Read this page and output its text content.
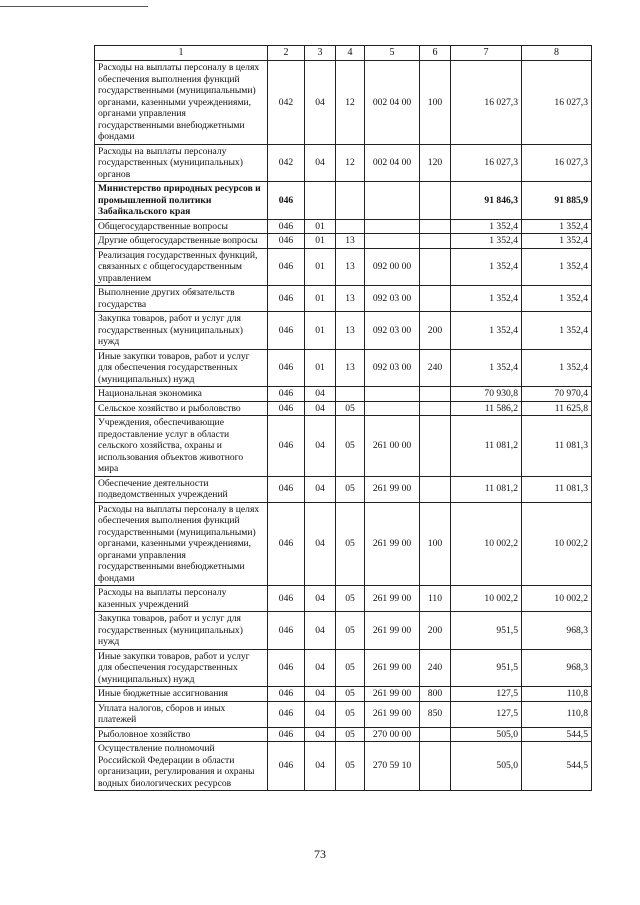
1	2	3	4	5	6	7	8
Расходы на выплаты персоналу в целях обеспечения выполнения функций государственными (муниципальными) органами, казенными учреждениями, органами управления государственными внебюджетными фондами	042	04	12	002 04 00	100	16 027,3	16 027,3
Расходы на выплаты персоналу государственных (муниципальных) органов	042	04	12	002 04 00	120	16 027,3	16 027,3
Министерство природных ресурсов и промышленной политики Забайкальского края	046					91 846,3	91 885,9
Общегосударственные вопросы	046	01				1 352,4	1 352,4
Другие общегосударственные вопросы	046	01	13			1 352,4	1 352,4
Реализация государственных функций, связанных с общегосударственным управлением	046	01	13	092 00 00		1 352,4	1 352,4
Выполнение других обязательств государства	046	01	13	092 03 00		1 352,4	1 352,4
Закупка товаров, работ и услуг для государственных (муниципальных) нужд	046	01	13	092 03 00	200	1 352,4	1 352,4
Иные закупки товаров, работ и услуг для обеспечения государственных (муниципальных) нужд	046	01	13	092 03 00	240	1 352,4	1 352,4
Национальная экономика	046	04				70 930,8	70 970,4
Сельское хозяйство и рыболовство	046	04	05			11 586,2	11 625,8
Учреждения, обеспечивающие предоставление услуг в области сельского хозяйства, охраны и использования объектов животного мира	046	04	05	261 00 00		11 081,2	11 081,3
Обеспечение деятельности подведомственных учреждений	046	04	05	261 99 00		11 081,2	11 081,3
Расходы на выплаты персоналу в целях обеспечения выполнения функций государственными (муниципальными) органами, казенными учреждениями, органами управления государственными внебюджетными фондами	046	04	05	261 99 00	100	10 002,2	10 002,2
Расходы на выплаты персоналу казенных учреждений	046	04	05	261 99 00	110	10 002,2	10 002,2
Закупка товаров, работ и услуг для государственных (муниципальных) нужд	046	04	05	261 99 00	200	951,5	968,3
Иные закупки товаров, работ и услуг для обеспечения государственных (муниципальных) нужд	046	04	05	261 99 00	240	951,5	968,3
Иные бюджетные ассигнования	046	04	05	261 99 00	800	127,5	110,8
Уплата налогов, сборов и иных платежей	046	04	05	261 99 00	850	127,5	110,8
Рыболовное хозяйство	046	04	05	270 00 00		505,0	544,5
Осуществление полномочий Российской Федерации в области организации, регулирования и охраны водных биологических ресурсов	046	04	05	270 59 10		505,0	544,5
73
